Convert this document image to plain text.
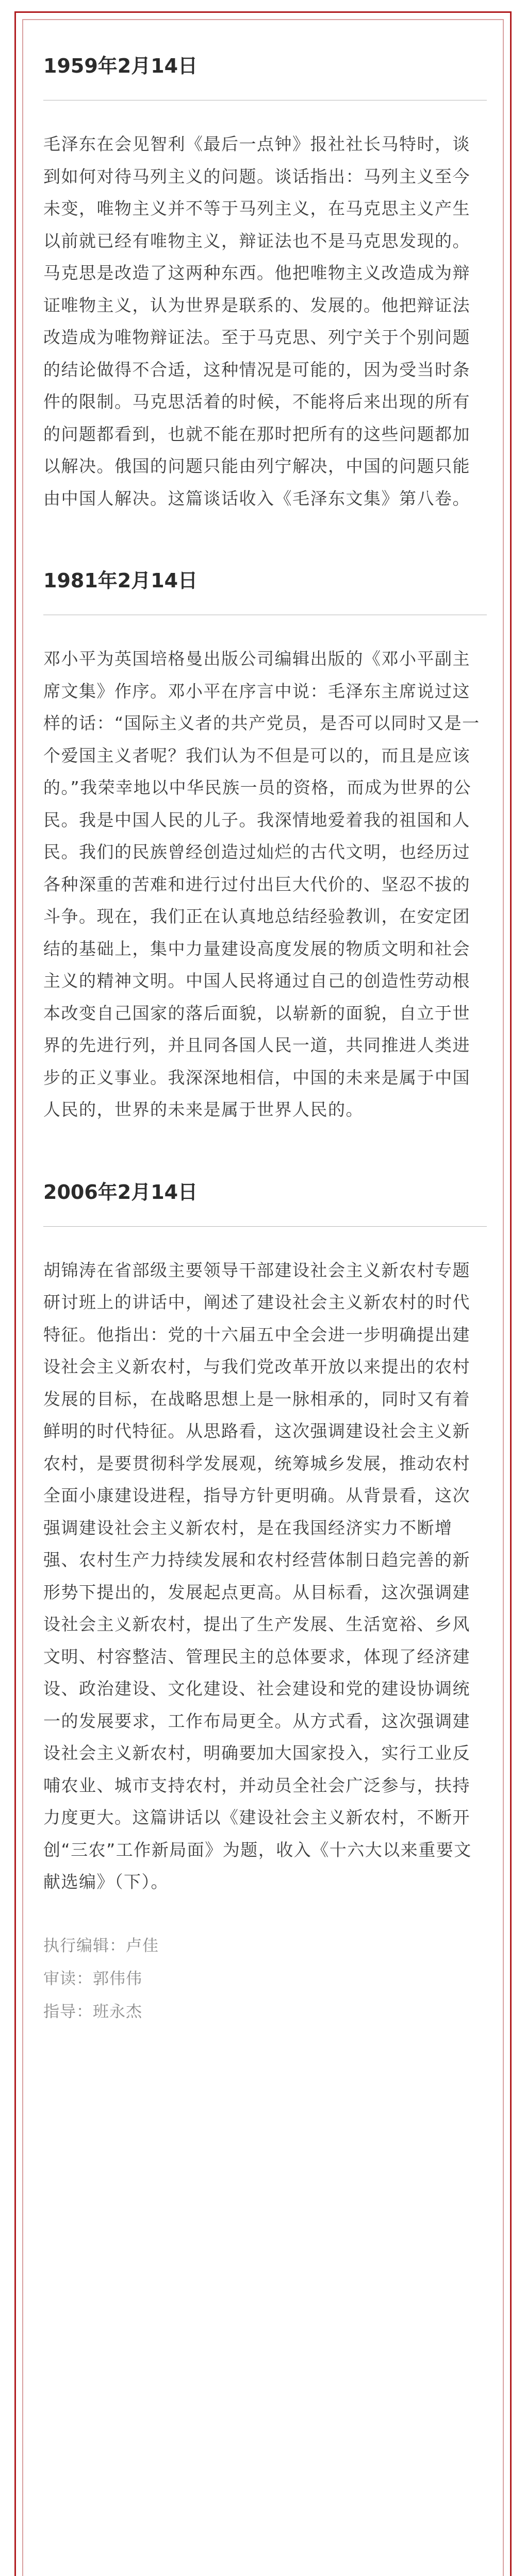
1959年2月14日

毛泽东在会见智利《最后一点钟》报社社长马特时，谈到如何对待马列主义的问题。谈话指出：马列主义至今未变，唯物主义并不等于马列主义，在马克思主义产生以前就已经有唯物主义，辩证法也不是马克思发现的。马克思是改造了这两种东西。他把唯物主义改造成为辩证唯物主义，认为世界是联系的、发展的。他把辩证法改造成为唯物辩证法。至于马克思、列宁关于个别问题的结论做得不合适，这种情况是可能的，因为受当时条件的限制。马克思活着的时候，不能将后来出现的所有的问题都看到，也就不能在那时把所有的这些问题都加以解决。俄国的问题只能由列宁解决，中国的问题只能由中国人解决。这篇谈话收入《毛泽东文集》第八卷。

1981年2月14日

邓小平为英国培格曼出版公司编辑出版的《邓小平副主席文集》作序。邓小平在序言中说：毛泽东主席说过这样的话：“国际主义者的共产党员，是否可以同时又是一个爱国主义者呢？我们认为不但是可以的，而且是应该的。”我荣幸地以中华民族一员的资格，而成为世界的公民。我是中国人民的儿子。我深情地爱着我的祖国和人民。我们的民族曾经创造过灿烂的古代文明，也经历过各种深重的苦难和进行过付出巨大代价的、坚忍不拔的斗争。现在，我们正在认真地总结经验教训，在安定团结的基础上，集中力量建设高度发展的物质文明和社会主义的精神文明。中国人民将通过自己的创造性劳动根本改变自己国家的落后面貌，以崭新的面貌，自立于世界的先进行列，并且同各国人民一道，共同推进人类进步的正义事业。我深深地相信，中国的未来是属于中国人民的，世界的未来是属于世界人民的。

2006年2月14日

胡锦涛在省部级主要领导干部建设社会主义新农村专题研讨班上的讲话中，阐述了建设社会主义新农村的时代特征。他指出：党的十六届五中全会进一步明确提出建设社会主义新农村，与我们党改革开放以来提出的农村发展的目标，在战略思想上是一脉相承的，同时又有着鲜明的时代特征。从思路看，这次强调建设社会主义新农村，是要贯彻科学发展观，统筹城乡发展，推动农村全面小康建设进程，指导方针更明确。从背景看，这次强调建设社会主义新农村，是在我国经济实力不断增强、农村生产力持续发展和农村经营体制日趋完善的新形势下提出的，发展起点更高。从目标看，这次强调建设社会主义新农村，提出了生产发展、生活宽裕、乡风文明、村容整洁、管理民主的总体要求，体现了经济建设、政治建设、文化建设、社会建设和党的建设协调统一的发展要求，工作布局更全。从方式看，这次强调建设社会主义新农村，明确要加大国家投入，实行工业反哺农业、城市支持农村，并动员全社会广泛参与，扶持力度更大。这篇讲话以《建设社会主义新农村，不断开创“三农”工作新局面》为题，收入《十六大以来重要文献选编》（下）。

执行编辑：卢佳
审读：郭伟伟
指导：班永杰
